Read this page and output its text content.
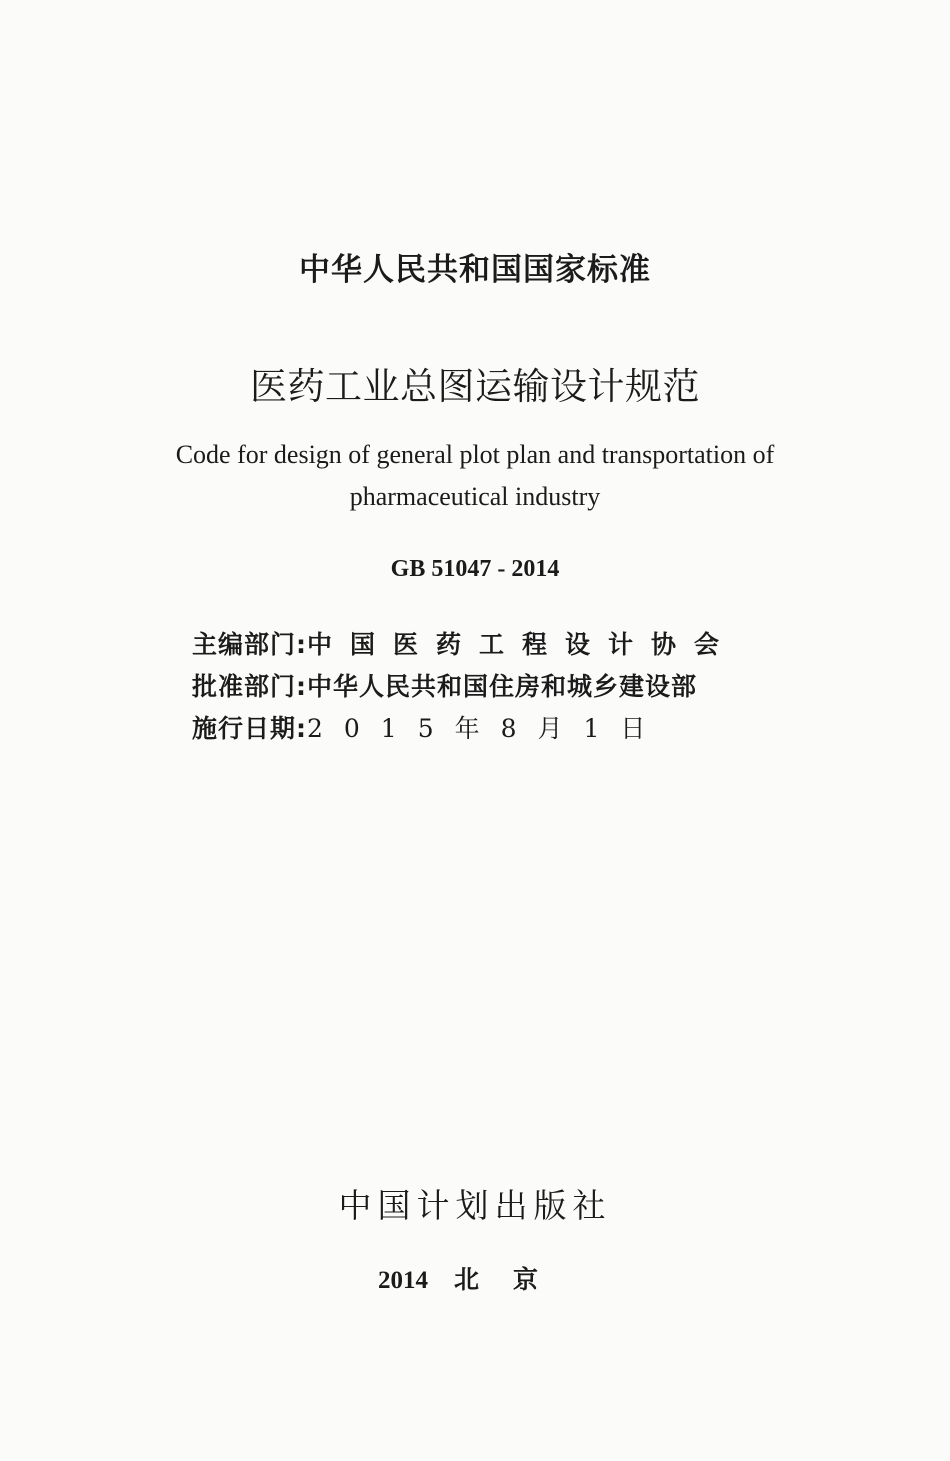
中华人民共和国国家标准
医药工业总图运输设计规范
Code for design of general plot plan and transportation of
pharmaceutical industry
GB 51047 - 2014
主编部门: 中国医药工程设计协会
批准部门: 中华人民共和国住房和城乡建设部
施行日期: 2015年8月1日
中国计划出版社
2014 北京
